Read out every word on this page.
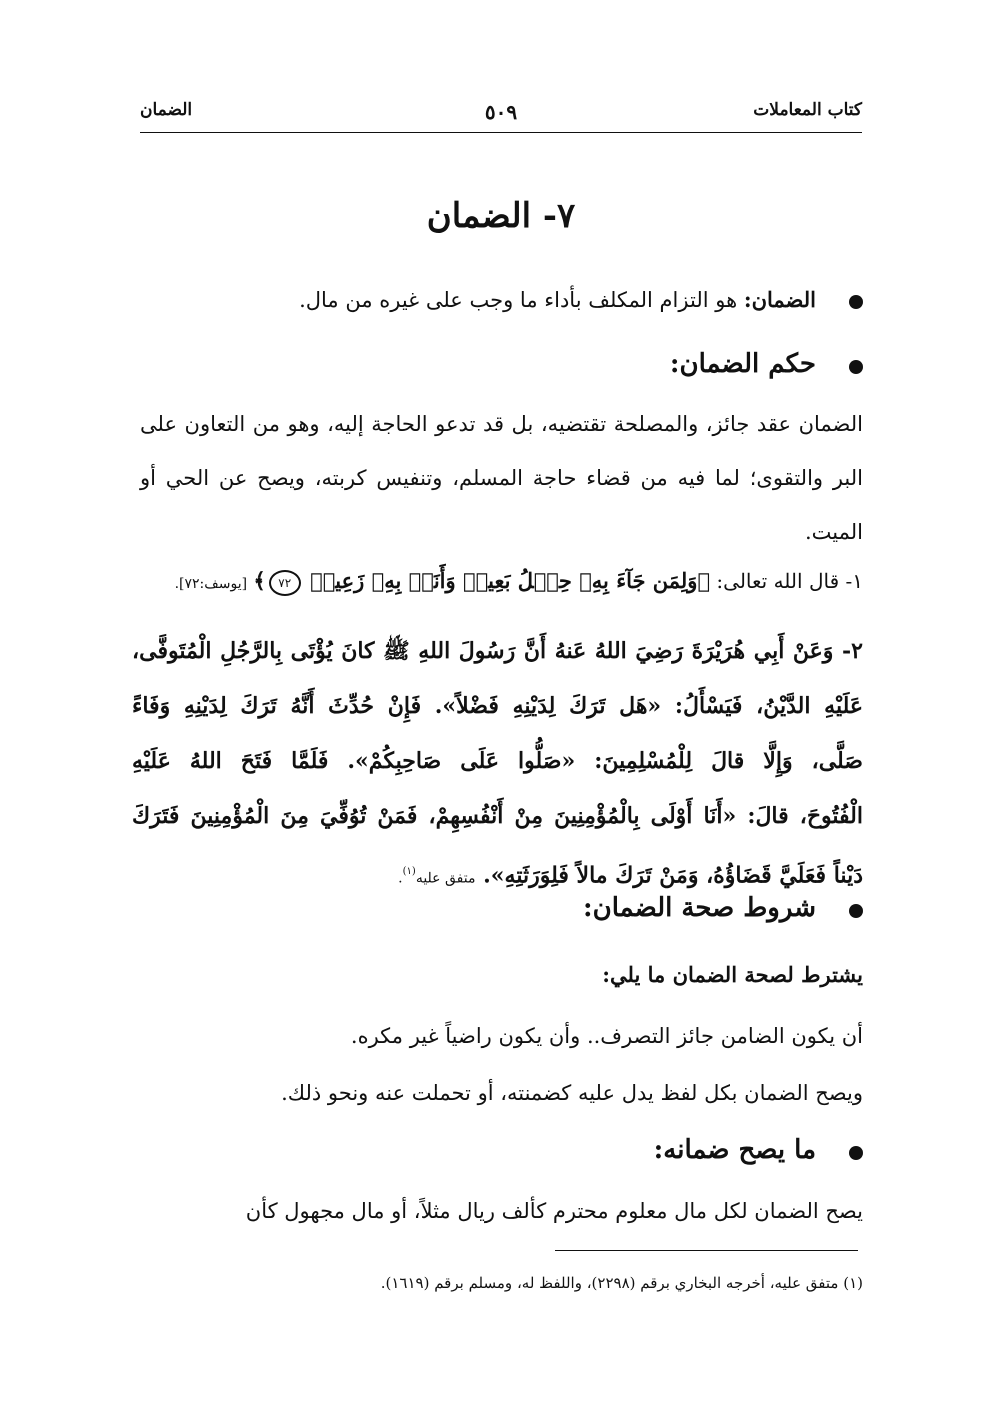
كتاب المعاملات
٥٠٩
الضمان
٧- الضمان
الضمان: هو التزام المكلف بأداء ما وجب على غيره من مال.
حكم الضمان:

الضمان عقد جائز، والمصلحة تقتضيه، بل قد تدعو الحاجة إليه، وهو من التعاون على البر والتقوى؛ لما فيه من قضاء حاجة المسلم، وتنفيس كربته، ويصح عن الحي أو الميت.

١- قال الله تعالى: ﴿وَلِمَن جَآءَ بِهِۦ حِمۡلُ بَعِيرٖ وَأَنَا۠ بِهِۦ زَعِيمٞ ٧٢﴾ [يوسف:٧٢].

٢- وَعَنْ أَبِي هُرَيْرَةَ رَضِيَ اللهُ عَنهُ أَنَّ رَسُولَ اللهِ ﷺ كانَ يُؤْتَى بِالرَّجُلِ الْمُتَوفَّى،

عَلَيْهِ الدَّيْنُ، فَيَسْأَلُ: «هَل تَرَكَ لِدَيْنِهِ فَضْلاً». فَإِنْ حُدِّثَ أَنَّهُ تَرَكَ لِدَيْنِهِ وَفَاءً

صَلَّى، وَإِلَّا قالَ لِلْمُسْلِمِينَ: «صَلُّوا عَلَى صَاحِبِكُمْ». فَلَمَّا فَتَحَ اللهُ عَلَيْهِ

الْفُتُوحَ، قالَ: «أَنَا أَوْلَى بِالْمُؤْمِنِينَ مِنْ أَنْفُسِهِمْ، فَمَنْ تُوُفِّيَ مِنَ الْمُؤْمِنِينَ فَتَرَكَ

دَيْناً فَعَلَيَّ قَضَاؤُهُ، وَمَنْ تَرَكَ مالاً فَلِوَرَثَتِهِ». متفق عليه$^{(١)}$.

شروط صحة الضمان:
يشترط لصحة الضمان ما يلي:
أن يكون الضامن جائز التصرف.. وأن يكون راضياً غير مكره.
ويصح الضمان بكل لفظ يدل عليه كضمنته، أو تحملت عنه ونحو ذلك.
ما يصح ضمانه:
يصح الضمان لكل مال معلوم محترم كألف ريال مثلاً، أو مال مجهول كأن
(١) متفق عليه، أخرجه البخاري برقم (٢٢٩٨)، واللفظ له، ومسلم برقم (١٦١٩).
